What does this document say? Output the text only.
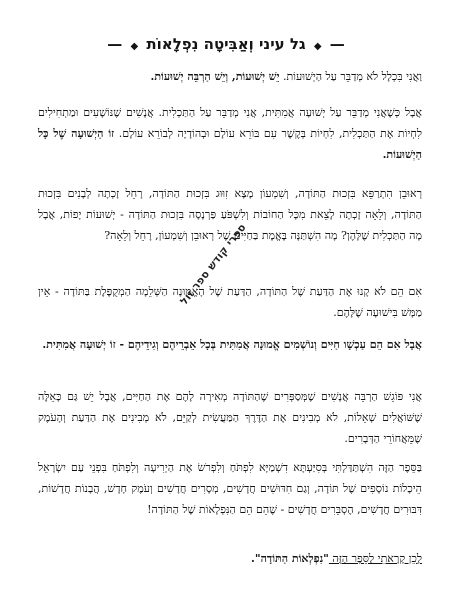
— ◆ גל עיני וְאַבִּיטָה נִפְלָאוֹת ◆ —

וַאֲנִי בִּכְלָל לֹא מְדַבֵּר עַל הַיְשׁוּעוֹת. יֵשׁ יְשׁוּעוֹת, וְיֵשׁ הַרְבֵּה יְשׁוּעוֹת.

אֲבָל כְּשֶׁאֲנִי מְדַבֵּר עַל יְשׁוּעָה אֲמִתִּית, אֲנִי מְדַבֵּר עַל הַתַּכְלִית. אֲנָשִׁים שֶׁנּוֹשָׁעִים וּמַתְחִילִים לִחְיוֹת אֶת הַתַּכְלִית, לִחְיוֹת בְּקֶשֶׁר עִם בּוֹרֵא עוֹלָם וּבְהוֹדָיָה לְבוֹרֵא עוֹלָם. זוֹ הַיְשׁוּעָה שֶׁל כָּל הַיְשׁוּעוֹת.

רְאוּבֵן הִתְרַפֵּא בִּזְכוּת הַתּוֹדָה, וְשִׁמְעוֹן מָצָא זִוּוּג בִּזְכוּת הַתּוֹדָה, רָחֵל זָכְתָה לְבָנִים בִּזְכוּת הַתּוֹדָה, וְלֵאָה זָכְתָה לָצֵאת מִכָּל הַחוֹבוֹת וְלִשְׁפֹּעַ פַּרְנָסָה בִּזְכוּת הַתּוֹדָה - יְשׁוּעוֹת יָפוֹת, אֲבָל מָה הַתַּכְלִית שֶׁלָּהֶן? מָה הִשְׁתַּנָּה בֶּאֱמֶת בַּחַיִּים שֶׁל רְאוּבֵן וְשִׁמְעוֹן, רָחֵל וְלֵאָה?

אִם הֵם לֹא קָנוּ אֶת הַדַּעַת שֶׁל הַתּוֹדָה, הַדַּעַת שֶׁל הָאֱמוּנָה הַשְּׁלֵמָה הַמְקֻפֶּלֶת בַּתּוֹדָה - אֵין מַמָּשׁ בִּישׁוּעָה שֶׁלָּהֶם.

אֲבָל אִם הֵם עַכְשָׁו חַיִּים וְנוֹשְׁמִים אֱמוּנָה אֲמִתִּית בְּכָל אֵבְרֵיהֶם וְגִידֵיהֶם - זוֹ יְשׁוּעָה אֲמִתִּית.

אֲנִי פּוֹגֵשׁ הַרְבֵּה אֲנָשִׁים שֶׁמְּסַפְּרִים שֶׁהַתּוֹדָה מְאִירָה לָהֶם אֶת הַחַיִּים, אֲבָל יֵשׁ גַּם כָּאֵלֶּה שֶׁשּׁוֹאֲלִים שְׁאֵלוֹת, לֹא מְבִינִים אֶת הַדֶּרֶךְ הַמַּעֲשִׂית לְקַיֵּם, לֹא מְבִינִים אֶת הַדַּעַת וְהָעֹמֶק שֶׁמֵּאֲחוֹרֵי הַדְּבָרִים.

בַּסֵּפֶר הַזֶּה הִשְׁתַּדַּלְתִּי בְּסִיַּעְתָּא דִשְׁמַיָּא לִפְתֹּחַ וְלִפְרֹשׂ אֶת הַיְרִיעָה וְלִפְתֹּחַ בִּפְנֵי עַם יִשְׂרָאֵל הֵיכָלוֹת נוֹסָפִים שֶׁל תּוֹדָה, וְגַם חִדּוּשִׁים חֲדָשִׁים, מְסָרִים חֲדָשִׁים וְעֹמֶק חָדָשׁ, הֲבָנוֹת חֲדָשׁוֹת, דִּבּוּרִים חֲדָשִׁים, הֶסְבֵּרִים חֲדָשִׁים - שֶׁהֵם הֵם הַנִּפְלָאוֹת שֶׁל הַתּוֹדָה!

לָכֵן קָרָאתִי לַסֵּפֶר הַזֶּה "נִפְלְאוֹת הַתּוֹדָה".

ספרי קודש ספר זול
